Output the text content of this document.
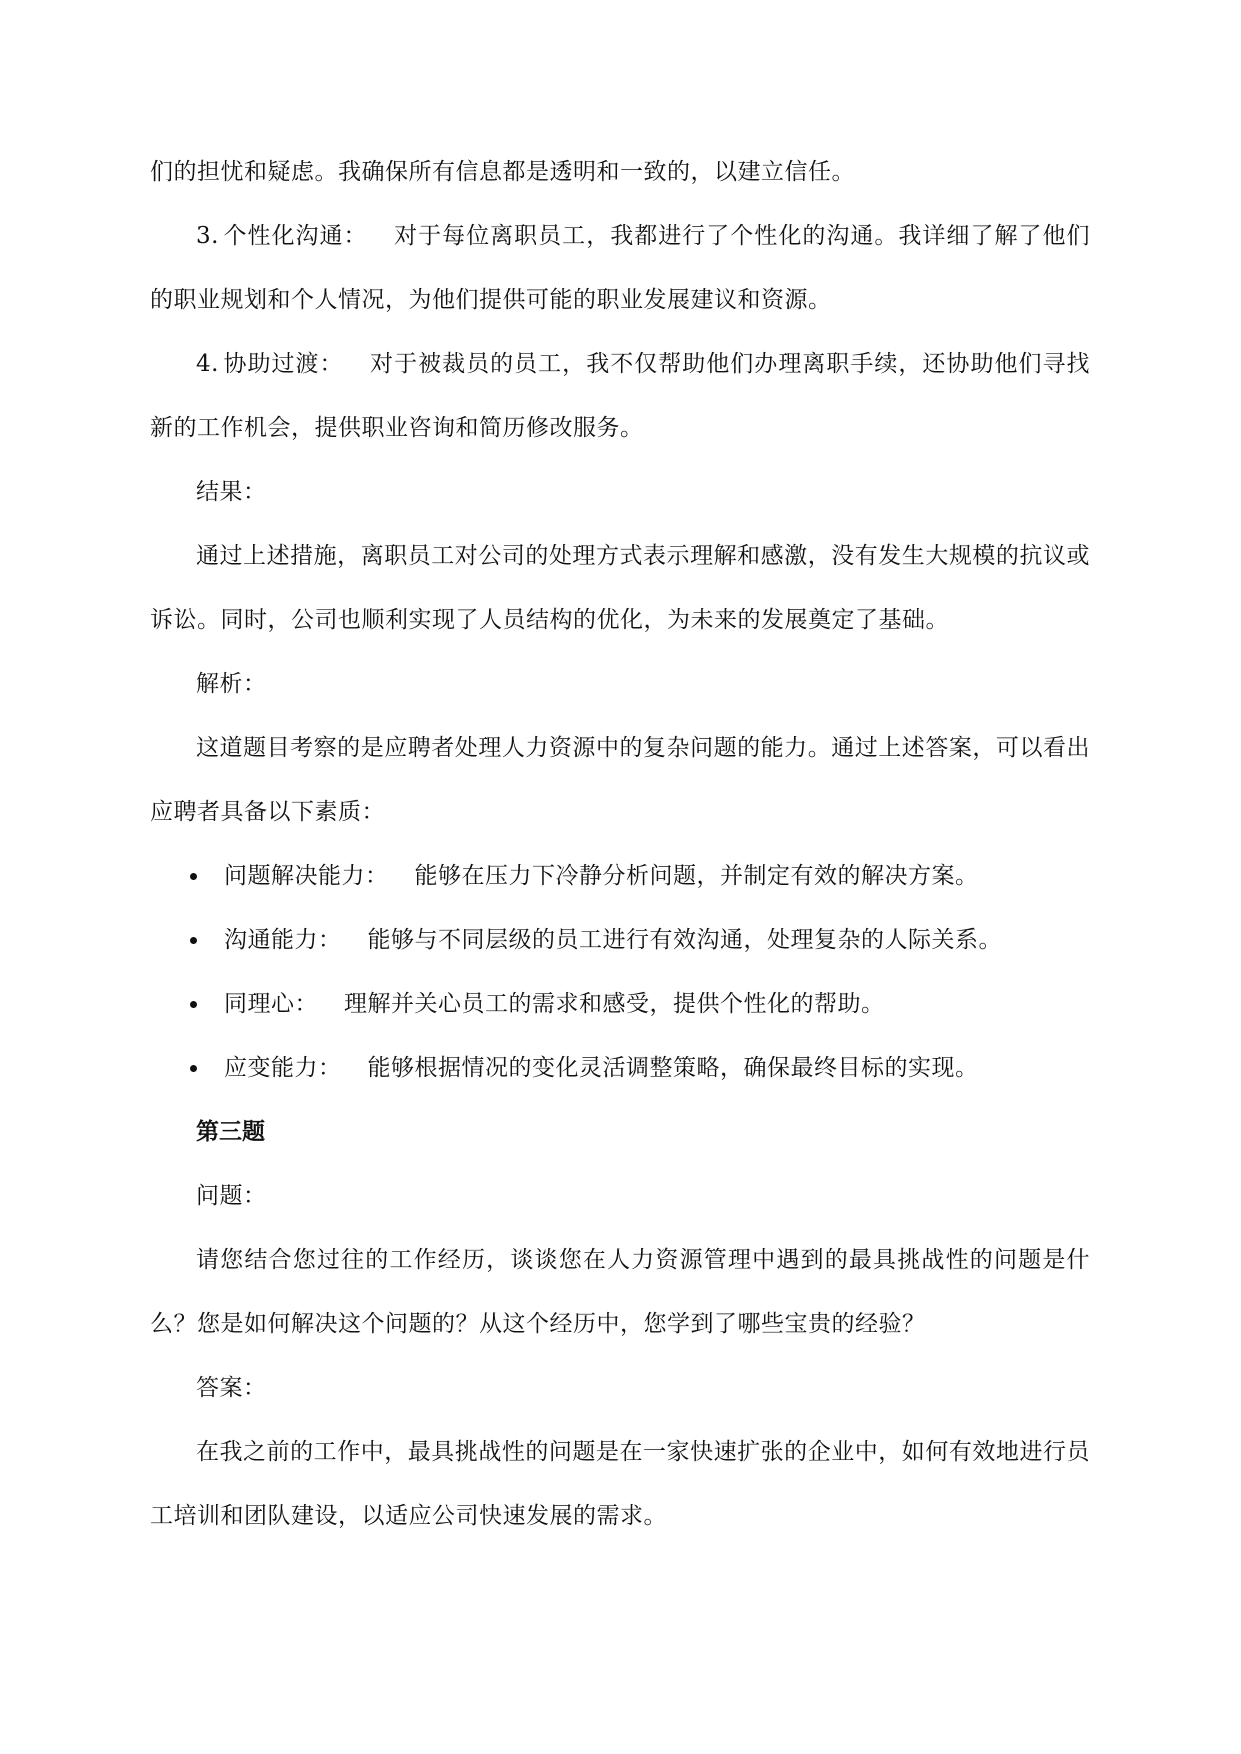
们的担忧和疑虑。我确保所有信息都是透明和一致的，以建立信任。

3. 个性化沟通： 对于每位离职员工，我都进行了个性化的沟通。我详细了解了他们的职业规划和个人情况，为他们提供可能的职业发展建议和资源。

4. 协助过渡： 对于被裁员的员工，我不仅帮助他们办理离职手续，还协助他们寻找新的工作机会，提供职业咨询和简历修改服务。

结果：

通过上述措施，离职员工对公司的处理方式表示理解和感激，没有发生大规模的抗议或诉讼。同时，公司也顺利实现了人员结构的优化，为未来的发展奠定了基础。

解析：

这道题目考察的是应聘者处理人力资源中的复杂问题的能力。通过上述答案，可以看出应聘者具备以下素质：

问题解决能力： 能够在压力下冷静分析问题，并制定有效的解决方案。
沟通能力： 能够与不同层级的员工进行有效沟通，处理复杂的人际关系。
同理心： 理解并关心员工的需求和感受，提供个性化的帮助。
应变能力： 能够根据情况的变化灵活调整策略，确保最终目标的实现。

第三题

问题：

请您结合您过往的工作经历，谈谈您在人力资源管理中遇到的最具挑战性的问题是什么？您是如何解决这个问题的？从这个经历中，您学到了哪些宝贵的经验？

答案：

在我之前的工作中，最具挑战性的问题是在一家快速扩张的企业中，如何有效地进行员工培训和团队建设，以适应公司快速发展的需求。
